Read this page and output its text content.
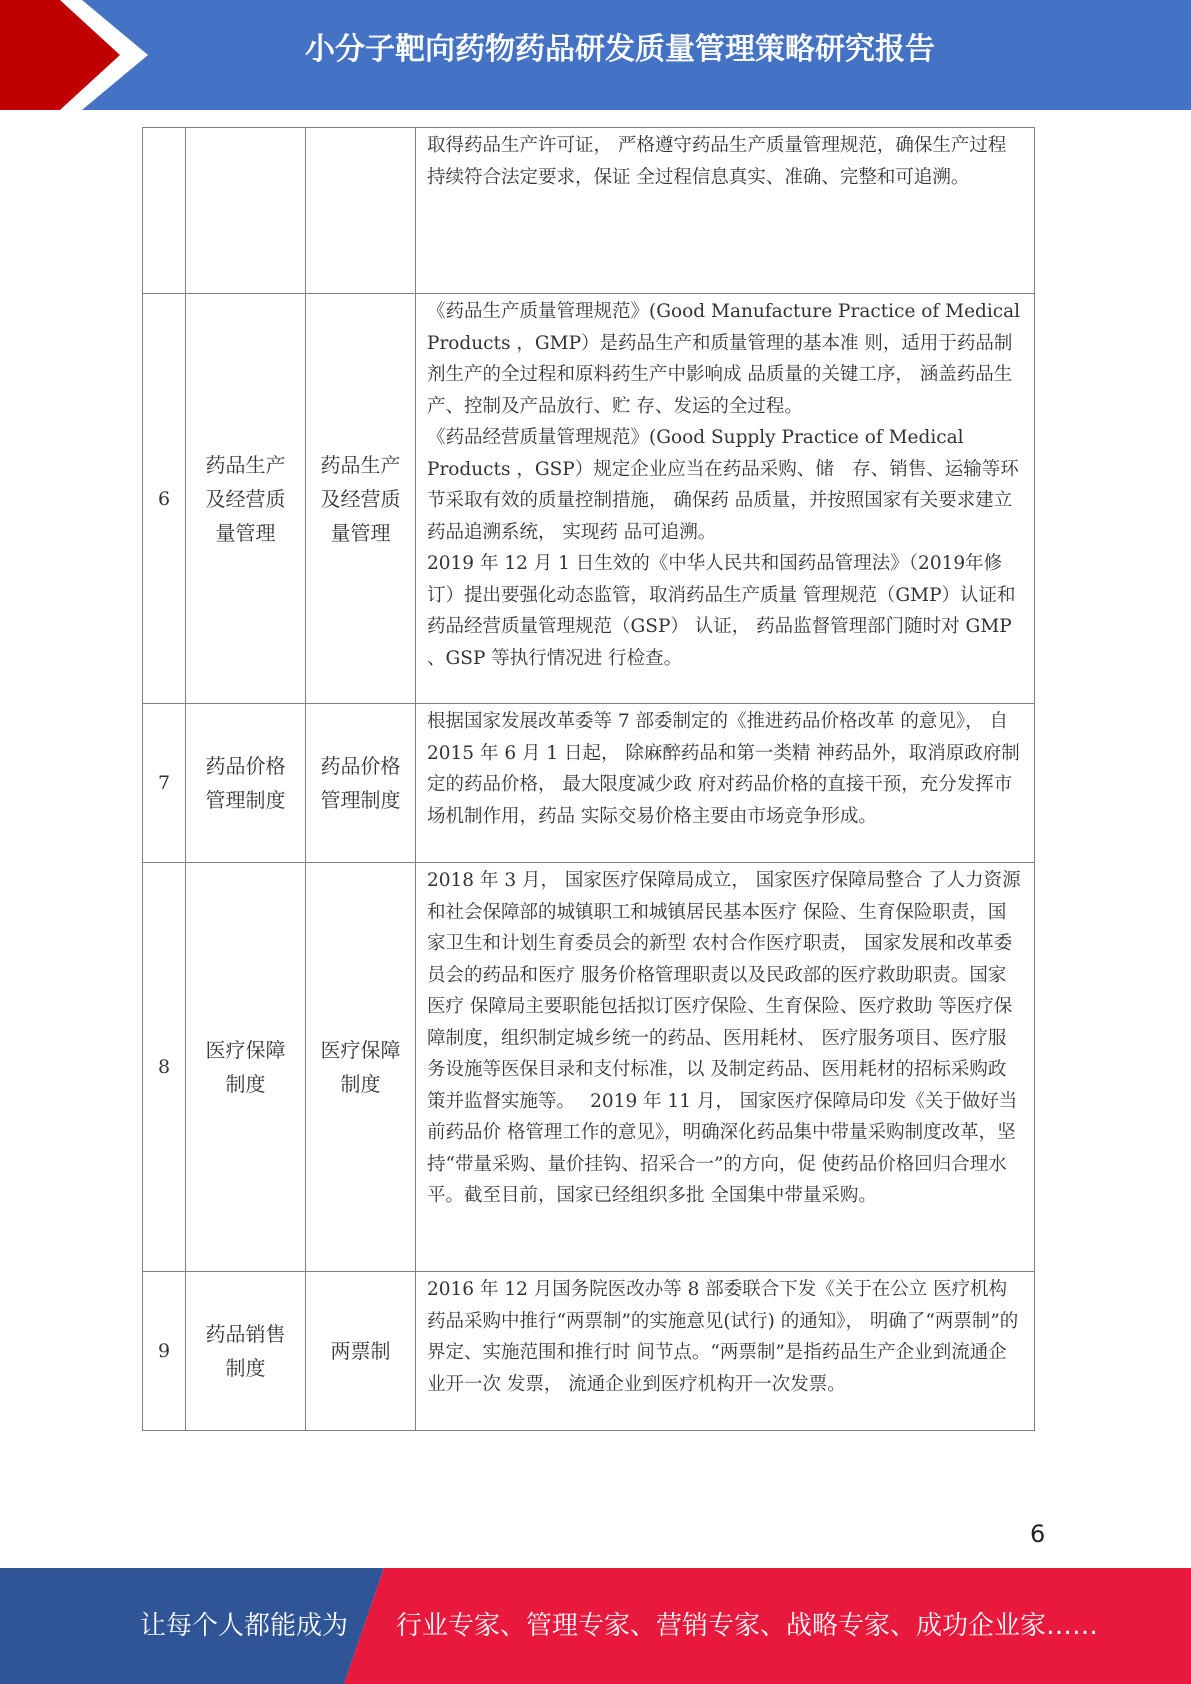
小分子靶向药物药品研发质量管理策略研究报告

			取得药品生产许可证， 严格遵守药品生产质量管理规范，确保生产过程持续符合法定要求，保证 全过程信息真实、准确、完整和可追溯。

6	药品生产及经营质量管理	药品生产及经营质量管理	《药品生产质量管理规范》(Good Manufacture Practice of Medical Products ，GMP）是药品生产和质量管理的基本准 则，适用于药品制剂生产的全过程和原料药生产中影响成 品质量的关键工序， 涵盖药品生产、控制及产品放行、贮 存、发运的全过程。

《药品经营质量管理规范》(Good Supply Practice of Medical Products ，GSP）规定企业应当在药品采购、储　存、销售、运输等环节采取有效的质量控制措施， 确保药 品质量，并按照国家有关要求建立药品追溯系统， 实现药 品可追溯。

2019 年 12 月 1 日生效的《中华人民共和国药品管理法》（2019年修订）提出要强化动态监管，取消药品生产质量 管理规范（GMP）认证和药品经营质量管理规范（GSP） 认证， 药品监督管理部门随时对 GMP 、GSP 等执行情况进 行检查。

7	药品价格管理制度	药品价格管理制度	根据国家发展改革委等 7 部委制定的《推进药品价格改革 的意见》， 自 2015 年 6 月 1 日起， 除麻醉药品和第一类精 神药品外，取消原政府制定的药品价格， 最大限度减少政 府对药品价格的直接干预，充分发挥市场机制作用，药品 实际交易价格主要由市场竞争形成。

8	医疗保障制度	医疗保障制度	2018 年 3 月， 国家医疗保障局成立， 国家医疗保障局整合 了人力资源和社会保障部的城镇职工和城镇居民基本医疗 保险、生育保险职责，国家卫生和计划生育委员会的新型 农村合作医疗职责， 国家发展和改革委员会的药品和医疗 服务价格管理职责以及民政部的医疗救助职责。国家医疗 保障局主要职能包括拟订医疗保险、生育保险、医疗救助 等医疗保障制度，组织制定城乡统一的药品、医用耗材、 医疗服务项目、医疗服务设施等医保目录和支付标准，以 及制定药品、医用耗材的招标采购政策并监督实施等。　 2019 年 11 月， 国家医疗保障局印发《关于做好当前药品价 格管理工作的意见》，明确深化药品集中带量采购制度改革，坚持“带量采购、量价挂钩、招采合一”的方向，促 使药品价格回归合理水平。截至目前，国家已经组织多批 全国集中带量采购。

9	药品销售制度	两票制	2016 年 12 月国务院医改办等 8 部委联合下发《关于在公立 医疗机构药品采购中推行“两票制”的实施意见(试行) 的通知》， 明确了“两票制”的界定、实施范围和推行时 间节点。“两票制”是指药品生产企业到流通企业开一次 发票， 流通企业到医疗机构开一次发票。

6
让每个人都能成为 行业专家、管理专家、营销专家、战略专家、成功企业家……
